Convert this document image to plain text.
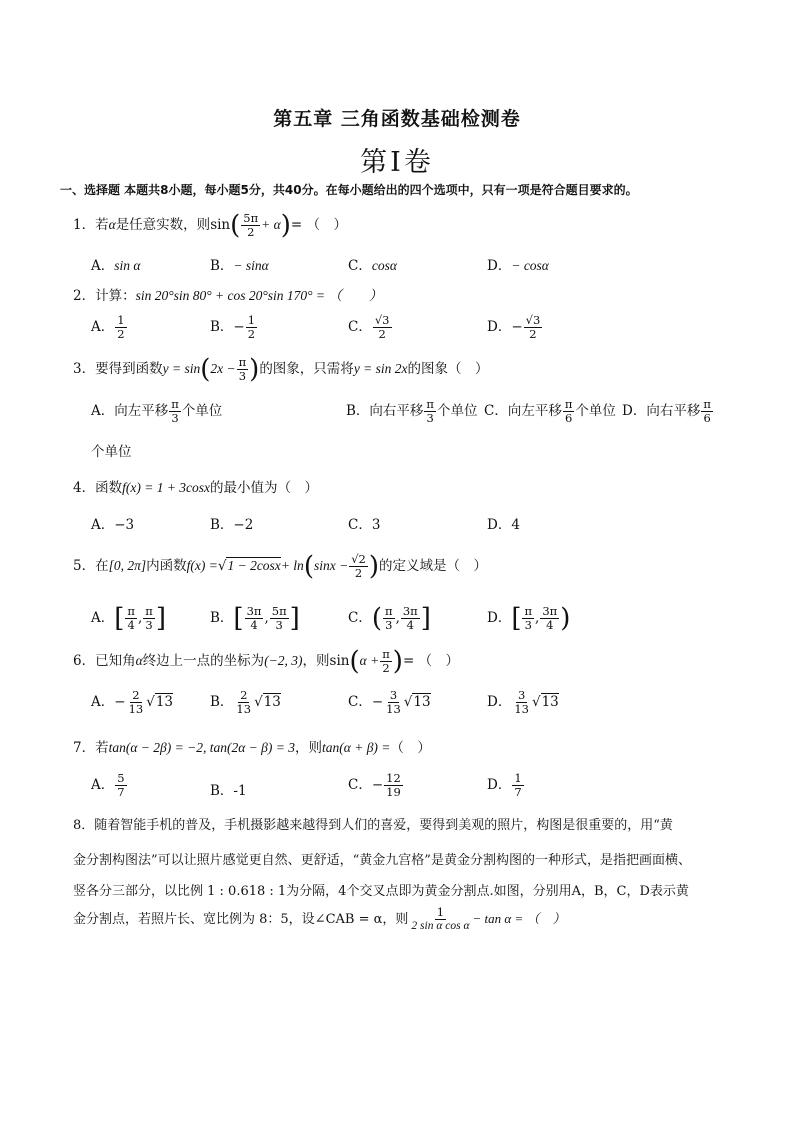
第五章 三角函数基础检测卷
第Ⅰ卷
一、选择题 本题共8小题，每小题5分，共40分。在每小题给出的四个选项中，只有一项是符合题目要求的。
1．若α是任意实数，则$\sin( \frac{5\pi}{2} + \alpha)=$ （　）
A．sin α	B．− sinα	C．cosα	D．− cosα
2．计算：sin 20°sin 80° + cos 20°sin 170° = （　　）
A． $\frac{1}{2}$	B．− $\frac{1}{2}$	C． $\frac{√3}{2}$	D．− $\frac{√3}{2}$
3．要得到函数$y = \sin(2x - \frac{\pi}{3}$ )的图象，只需将y = sin 2x的图象（　）
A．向左平移 $\frac{\pi}{3}$ 个单位	B．向右平移 $\frac{\pi}{3}$ 个单位 C．向左平移 $\frac{\pi}{6}$ 个单位 D．向右平移 $\frac{\pi}{6}$
个单位
4．函数f(x) = 1 + 3cosx的最小值为（　）
A．−3	B．−2	C．3	D．4
5．在[0, 2π]内函数$f(x) =√1 - 2\cos x+ \ln(\sin x - \frac{√2}{2}$ )的定义域是（　）
A．[ $\frac{\pi}{4}$ , $\frac{\pi}{3}$ ]	B．[ $\frac{3\pi}{4}$ , $\frac{5\pi}{3}$ ]	C．( $\frac{\pi}{3}$ , $\frac{3\pi}{4}$ ]	D．[ $\frac{\pi}{3}$ , $\frac{3\pi}{4}$ )
6．已知角α终边上一点的坐标为(−2, 3)，则$\sin(\alpha + \frac{\pi}{2}$ )= （　）
A．− $\frac{2}{13} √13$	B． $\frac{2}{13} √13$	C．− $\frac{3}{13} √13$	D． $\frac{3}{13} √13$
7．若tan(α − 2β) = −2, tan(2α − β) = 3，则tan(α + β) =（　）
A． $\frac{5}{7}$	B．-1	C．− $\frac{12}{19}$	D． $\frac{1}{7}$
8．随着智能手机的普及，手机摄影越来越得到人们的喜爱，要得到美观的照片，构图是很重要的，用“黄
金分割构图法”可以让照片感觉更自然、更舒适，“黄金九宫格”是黄金分割构图的一种形式，是指把画面横、
竖各分三部分，以比例 1 : 0.618 : 1为分隔，4个交叉点即为黄金分割点.如图，分别用A，B，C，D表示黄
金分割点，若照片长、宽比例为 8：5，设∠CAB = α，则 $\frac{1}{\text{2 sin α cos α}} - \tan \alpha$ = （　）
